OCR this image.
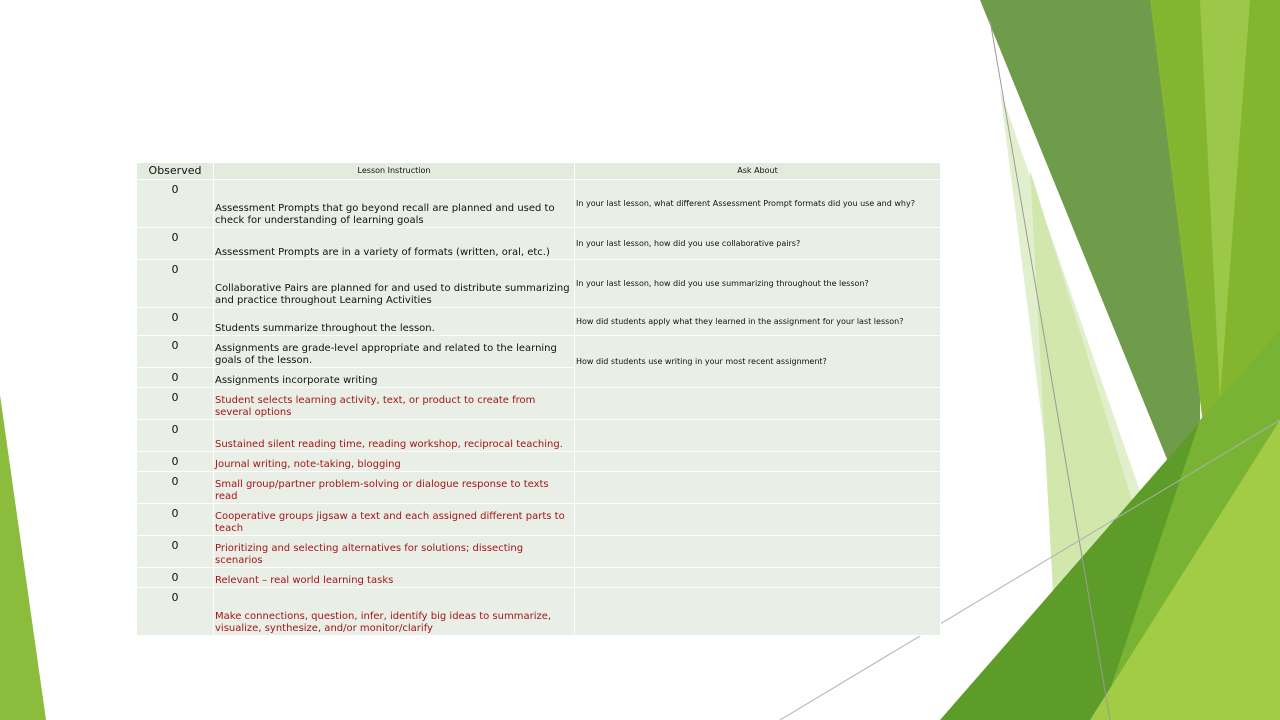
Observed	Lesson Instruction	Ask About
0	Assessment Prompts that go beyond recall are planned and used to check for understanding of learning goals	In your last lesson, what different Assessment Prompt formats did you use and why?
0	Assessment Prompts are in a variety of formats (written, oral, etc.)	In your last lesson, how did you use collaborative pairs?
0	Collaborative Pairs are planned for and used to distribute summarizing and practice throughout Learning Activities	In your last lesson, how did you use summarizing throughout the lesson?
0	Students summarize throughout the lesson.	How did students apply what they learned in the assignment for your last lesson?
0	Assignments are grade-level appropriate and related to the learning goals of the lesson.	How did students use writing in your most recent assignment?
0	Assignments incorporate writing	
0	Student selects learning activity, text, or product to create from several options	
0	Sustained silent reading time, reading workshop, reciprocal teaching.	
0	Journal writing, note-taking, blogging	
0	Small group/partner problem-solving or dialogue response to texts read	
0	Cooperative groups jigsaw a text and each assigned different parts to teach	
0	Prioritizing and selecting alternatives for solutions; dissecting scenarios	
0	Relevant – real world learning tasks	
0	Make connections, question, infer, identify big ideas to summarize, visualize, synthesize, and/or monitor/clarify	
